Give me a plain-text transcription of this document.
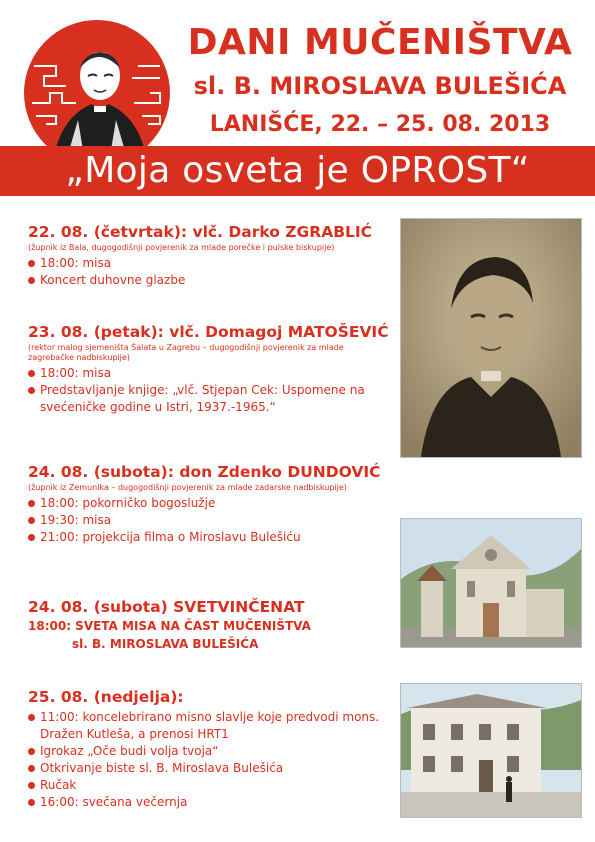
DANI MUČENIŠTVA
sl. B. MIROSLAVA BULEŠIĆA
LANIŠĆE, 22. – 25. 08. 2013
„Moja osveta je OPROST“
22. 08. (četvrtak): vlč. Darko ZGRABLIĆ
(župnik iz Bala, dugogodišnji povjerenik za mlade porečke i pulske biskupije)
18:00: misa
Koncert duhovne glazbe
23. 08. (petak): vlč. Domagoj MATOŠEVIĆ
(rektor malog sjemeništa Šalata u Zagrebu – dugogodišnji povjerenik za mlade zagrebačke nadbiskupije)
18:00: misa
Predstavljanje knjige: „vlč. Stjepan Cek: Uspomene na svećeničke godine u Istri, 1937.-1965.“
24. 08. (subota): don Zdenko DUNDOVIĆ
(župnik iz Zemunika – dugogodišnji povjerenik za mlade zadarske nadbiskupije)
18:00: pokorničko bogoslužje
19:30: misa
21:00: projekcija filma o Miroslavu Bulešiću
24. 08. (subota) SVETVINČENAT
18:00: SVETA MISA NA ČAST MUČENIŠTVA
sl. B. MIROSLAVA BULEŠIĆA
25. 08. (nedjelja):
11:00: koncelebrirano misno slavlje koje predvodi mons. Dražen Kutleša, a prenosi HRT1
Igrokaz „Oče budi volja tvoja“
Otkrivanje biste sl. B. Miroslava Bulešića
Ručak
16:00: svečana večernja
